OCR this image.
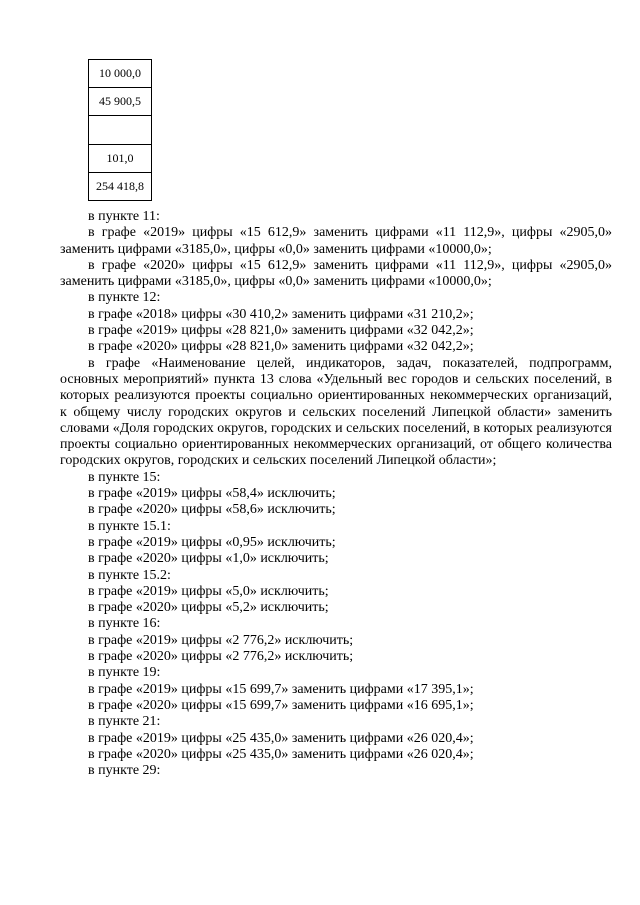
10 000,0
45 900,5

101,0
254 418,8

в пункте 11:

в графе «2019» цифры «15 612,9» заменить цифрами «11 112,9», цифры «2905,0» заменить цифрами «3185,0», цифры «0,0» заменить цифрами «10000,0»;

в графе «2020» цифры «15 612,9» заменить цифрами «11 112,9», цифры «2905,0» заменить цифрами «3185,0», цифры «0,0» заменить цифрами «10000,0»;

в пункте 12:

в графе «2018» цифры «30 410,2» заменить цифрами «31 210,2»;

в графе «2019» цифры «28 821,0» заменить цифрами «32 042,2»;

в графе «2020» цифры «28 821,0» заменить цифрами «32 042,2»;

в графе «Наименование целей, индикаторов, задач, показателей, подпрограмм, основных мероприятий» пункта 13 слова «Удельный вес городов и сельских поселений, в которых реализуются проекты социально ориентированных некоммерческих организаций, к общему числу городских округов и сельских поселений Липецкой области» заменить словами «Доля городских округов, городских и сельских поселений, в которых реализуются проекты социально ориентированных некоммерческих организаций, от общего количества городских округов, городских и сельских поселений Липецкой области»;

в пункте 15:

в графе «2019» цифры «58,4» исключить;

в графе «2020» цифры «58,6» исключить;

в пункте 15.1:

в графе «2019» цифры «0,95» исключить;

в графе «2020» цифры «1,0» исключить;

в пункте 15.2:

в графе «2019» цифры «5,0» исключить;

в графе «2020» цифры «5,2» исключить;

в пункте 16:

в графе «2019» цифры «2 776,2» исключить;

в графе «2020» цифры «2 776,2» исключить;

в пункте 19:

в графе «2019» цифры «15 699,7» заменить цифрами «17 395,1»;

в графе «2020» цифры «15 699,7» заменить цифрами «16 695,1»;

в пункте 21:

в графе «2019» цифры «25 435,0» заменить цифрами «26 020,4»;

в графе «2020» цифры «25 435,0» заменить цифрами «26 020,4»;

в пункте 29:
